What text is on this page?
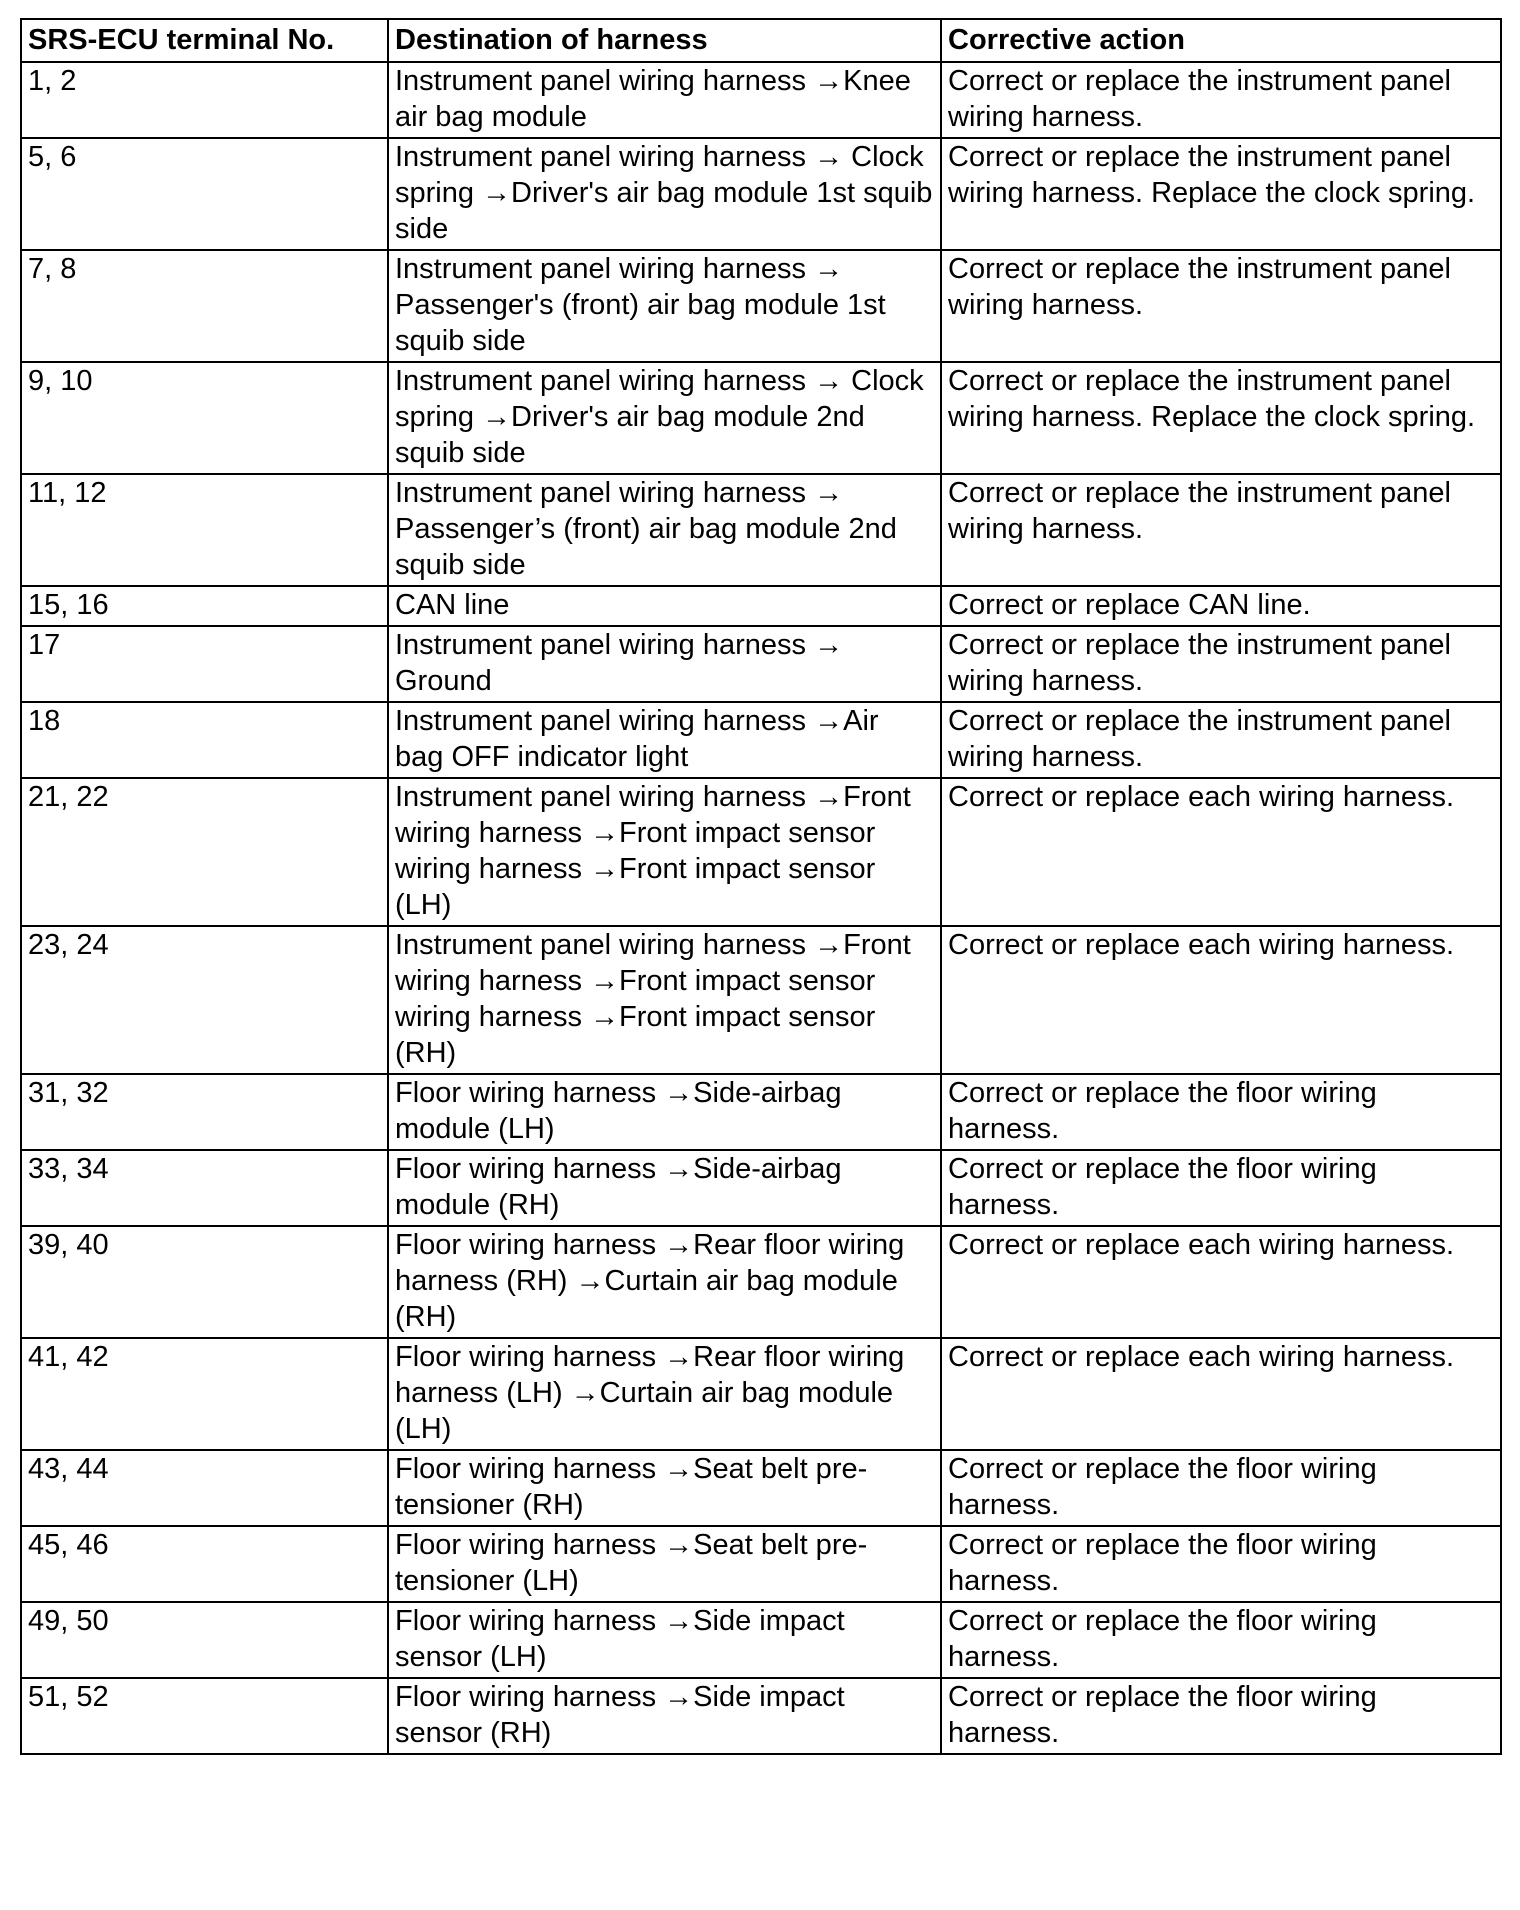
SRS-ECU terminal No.	Destination of harness	Corrective action
1, 2	Instrument panel wiring harness →Knee air bag module	Correct or replace the instrument panel wiring harness.
5, 6	Instrument panel wiring harness → Clock spring →Driver's air bag module 1st squib side	Correct or replace the instrument panel wiring harness. Replace the clock spring.
7, 8	Instrument panel wiring harness → Passenger's (front) air bag module 1st squib side	Correct or replace the instrument panel wiring harness.
9, 10	Instrument panel wiring harness → Clock spring →Driver's air bag module 2nd squib side	Correct or replace the instrument panel wiring harness. Replace the clock spring.
11, 12	Instrument panel wiring harness → Passenger’s (front) air bag module 2nd squib side	Correct or replace the instrument panel wiring harness.
15, 16	CAN line	Correct or replace CAN line.
17	Instrument panel wiring harness → Ground	Correct or replace the instrument panel wiring harness.
18	Instrument panel wiring harness →Air bag OFF indicator light	Correct or replace the instrument panel wiring harness.
21, 22	Instrument panel wiring harness →Front wiring harness →Front impact sensor wiring harness →Front impact sensor (LH)	Correct or replace each wiring harness.
23, 24	Instrument panel wiring harness →Front wiring harness →Front impact sensor wiring harness →Front impact sensor (RH)	Correct or replace each wiring harness.
31, 32	Floor wiring harness →Side-airbag module (LH)	Correct or replace the floor wiring harness.
33, 34	Floor wiring harness →Side-airbag module (RH)	Correct or replace the floor wiring harness.
39, 40	Floor wiring harness →Rear floor wiring harness (RH) →Curtain air bag module (RH)	Correct or replace each wiring harness.
41, 42	Floor wiring harness →Rear floor wiring harness (LH) →Curtain air bag module (LH)	Correct or replace each wiring harness.
43, 44	Floor wiring harness →Seat belt pre-tensioner (RH)	Correct or replace the floor wiring harness.
45, 46	Floor wiring harness →Seat belt pre-tensioner (LH)	Correct or replace the floor wiring harness.
49, 50	Floor wiring harness →Side impact sensor (LH)	Correct or replace the floor wiring harness.
51, 52	Floor wiring harness →Side impact sensor (RH)	Correct or replace the floor wiring harness.
